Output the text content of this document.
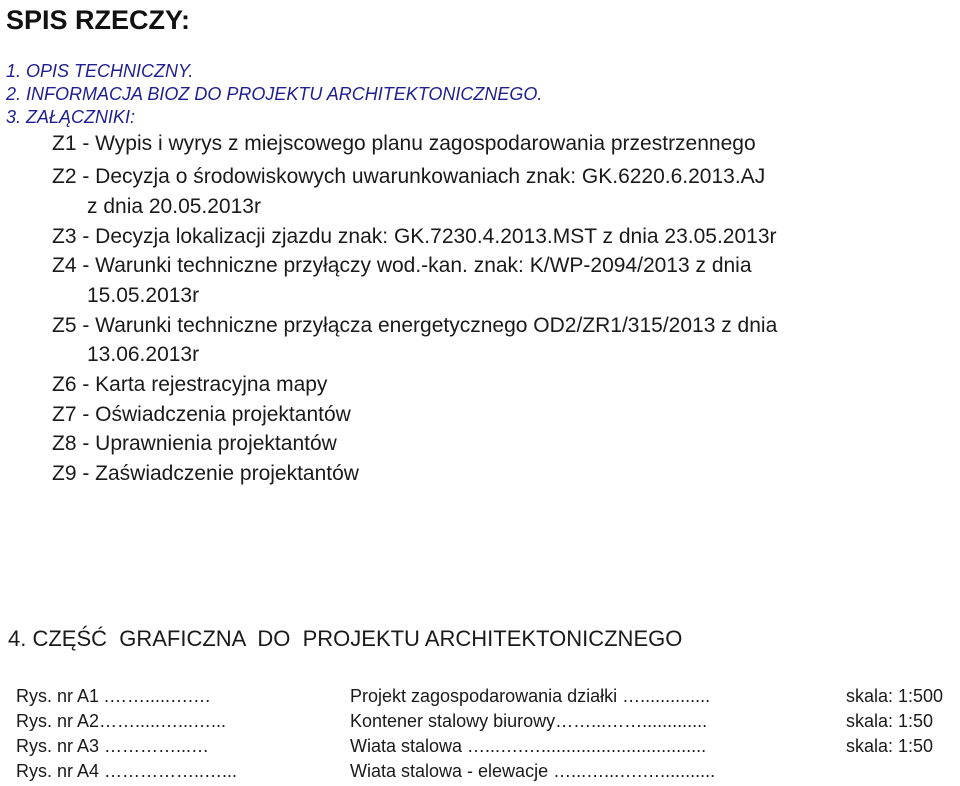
SPIS RZECZY:
1. OPIS TECHNICZNY.
2. INFORMACJA BIOZ DO PROJEKTU ARCHITEKTONICZNEGO.
3. ZAŁĄCZNIKI:
Z1 - Wypis i wyrys z miejscowego planu zagospodarowania przestrzennego
Z2 - Decyzja o środowiskowych uwarunkowaniach znak: GK.6220.6.2013.AJ
z dnia 20.05.2013r
Z3 - Decyzja lokalizacji zjazdu znak: GK.7230.4.2013.MST z dnia 23.05.2013r
Z4 - Warunki techniczne przyłączy wod.-kan. znak: K/WP-2094/2013 z dnia
15.05.2013r
Z5 - Warunki techniczne przyłącza energetycznego OD2/ZR1/315/2013 z dnia
13.06.2013r
Z6 - Karta rejestracyjna mapy
Z7 - Oświadczenia projektantów
Z8 - Uprawnienia projektantów
Z9 - Zaświadczenie projektantów
4. CZĘŚĆ  GRAFICZNA  DO  PROJEKTU ARCHITEKTONICZNEGO
Rys. nr A1 .…….....….…	Projekt zagospodarowania działki …..............	skala: 1:500
Rys. nr A2…….....…...…...	Kontener stalowy biurowy……...…….............	skala: 1:50
Rys. nr A3 …………...…	Wiata stalowa …...….….................................	skala: 1:50
Rys. nr A4 ……………..…...	Wiata stalowa - elewacje …...…...….…...........
